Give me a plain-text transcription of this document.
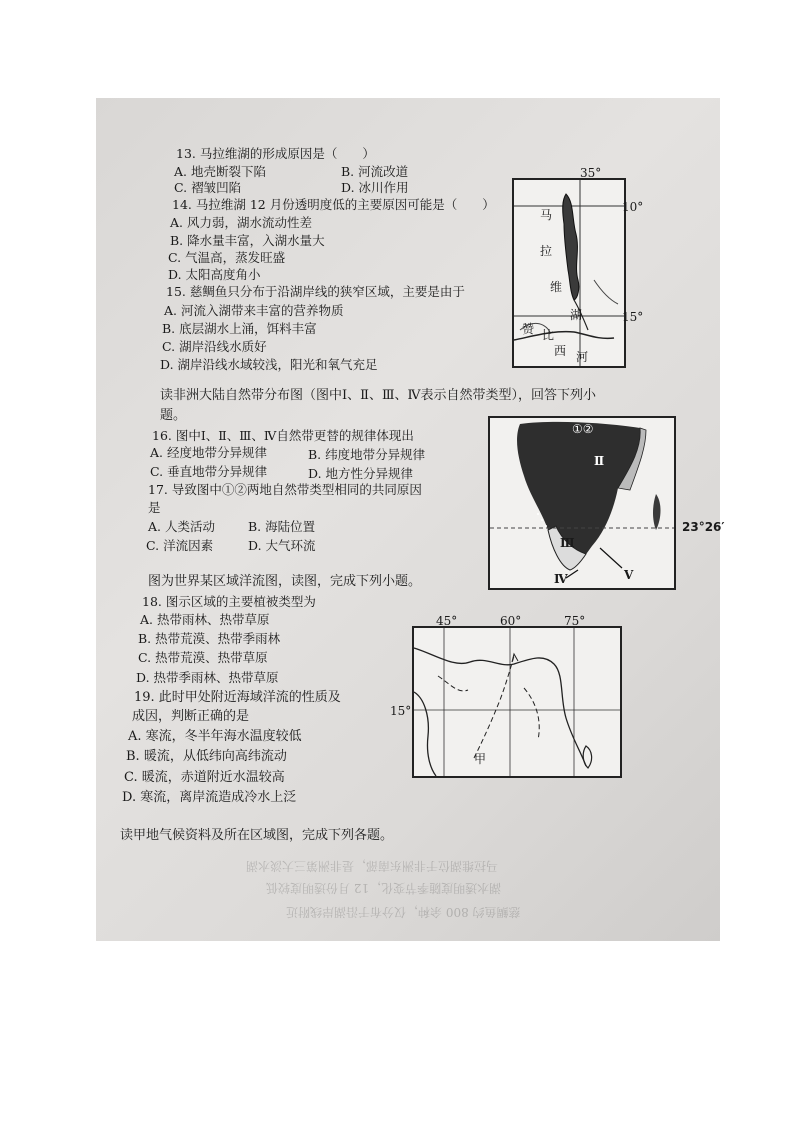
马拉维湖位于非洲东南部，是非洲第三大淡水湖
湖水透明度随季节变化，12 月份透明度较低
慈鲷鱼约 800 余种，仅分布于沿湖岸线附近
13. 马拉维湖的形成原因是（　　）
A. 地壳断裂下陷	B. 河流改道
C. 褶皱凹陷	D. 冰川作用
14. 马拉维湖 12 月份透明度低的主要原因可能是（　　）
A. 风力弱，湖水流动性差
B. 降水量丰富，入湖水量大
C. 气温高，蒸发旺盛
D. 太阳高度角小
15. 慈鲷鱼只分布于沿湖岸线的狭窄区域，主要是由于
A. 河流入湖带来丰富的营养物质
B. 底层湖水上涌，饵料丰富
C. 湖岸沿线水质好
D. 湖岸沿线水域较浅，阳光和氧气充足
35°
10°
15°
马
拉
维
湖
赞 比
西 河
读非洲大陆自然带分布图（图中Ⅰ、Ⅱ、Ⅲ、Ⅳ表示自然带类型），回答下列小
题。
16. 图中Ⅰ、Ⅱ、Ⅲ、Ⅳ自然带更替的规律体现出
A. 经度地带分异规律	B. 纬度地带分异规律
C. 垂直地带分异规律	D. 地方性分异规律
17. 导致图中①②两地自然带类型相同的共同原因
是
A. 人类活动	B. 海陆位置
C. 洋流因素	D. 大气环流
①②
Ⅱ
Ⅲ
Ⅳ	Ⅴ
23°26′
图为世界某区域洋流图，读图，完成下列小题。
18. 图示区域的主要植被类型为
A. 热带雨林、热带草原
B. 热带荒漠、热带季雨林
C. 热带荒漠、热带草原
D. 热带季雨林、热带草原
19. 此时甲处附近海域洋流的性质及
成因，判断正确的是
A. 寒流，冬半年海水温度较低
B. 暖流，从低纬向高纬流动
C. 暖流，赤道附近水温较高
D. 寒流，离岸流造成冷水上泛
45°	60°	75°
15°
甲
读甲地气候资料及所在区域图，完成下列各题。
